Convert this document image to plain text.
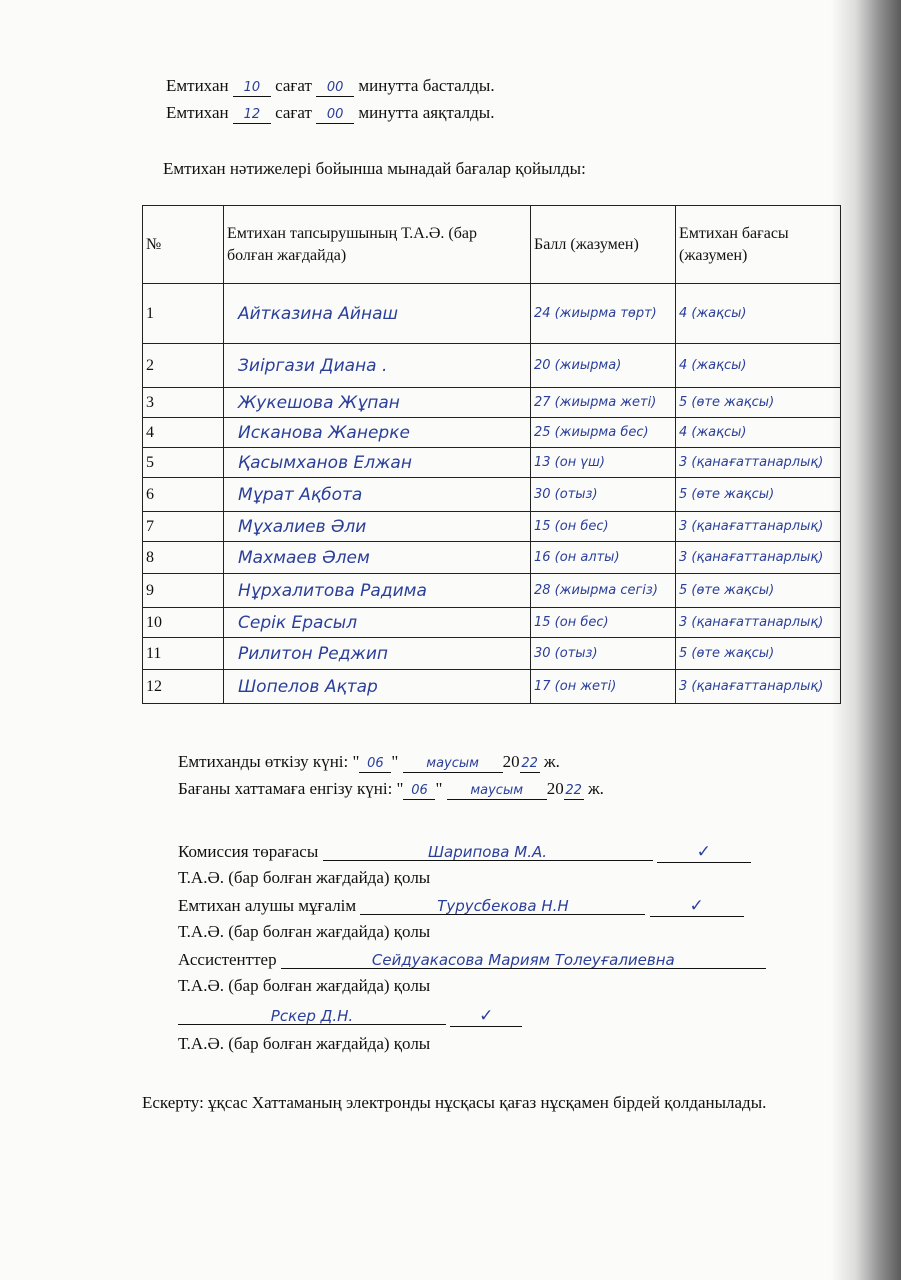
Емтихан 10 сағат 00 минутта басталды.
Емтихан 12 сағат 00 минутта аяқталды.
Емтихан нәтижелері бойынша мынадай бағалар қойылды:
№	Емтихан тапсырушының Т.А.Ә. (бар болған жағдайда)	Балл (жазумен)	Емтихан бағасы (жазумен)
1	Айтказина Айнаш	24 (жиырма төрт)	4 (жақсы)
2	Зиіргази Диана .	20 (жиырма)	4 (жақсы)
3	Жукешова Жұпан	27 (жиырма жеті)	5 (өте жақсы)
4	Исканова Жанерке	25 (жиырма бес)	4 (жақсы)
5	Қасымханов Елжан	13 (он үш)	3 (қанағаттанарлық)
6	Мұрат Ақбота	30 (отыз)	5 (өте жақсы)
7	Мұхалиев Әли	15 (он бес)	3 (қанағаттанарлық)
8	Махмаев Әлем	16 (он алты)	3 (қанағаттанарлық)
9	Нұрхалитова Радима	28 (жиырма сегіз)	5 (өте жақсы)
10	Серік Ерасыл	15 (он бес)	3 (қанағаттанарлық)
11	Рилитон Реджип	30 (отыз)	5 (өте жақсы)
12	Шопелов Ақтар	17 (он жеті)	3 (қанағаттанарлық)
Емтиханды өткізу күні: " 06 " маусым 20 22 ж.
Бағаны хаттамаға енгізу күні: " 06 " маусым 20 22 ж.
Комиссия төрағасы	Шарипова М.А.	✓
Т.А.Ә. (бар болған жағдайда) қолы
Емтихан алушы мұғалім	Турусбекова Н.Н	✓
Т.А.Ә. (бар болған жағдайда) қолы
Ассистенттер	Сейдуакасова Мариям Толеуғалиевна
Т.А.Ә. (бар болған жағдайда) қолы
Рскер Д.Н.	✓
Т.А.Ә. (бар болған жағдайда) қолы
Ескерту: ұқсас Хаттаманың электронды нұсқасы қағаз нұсқамен бірдей қолданылады.
